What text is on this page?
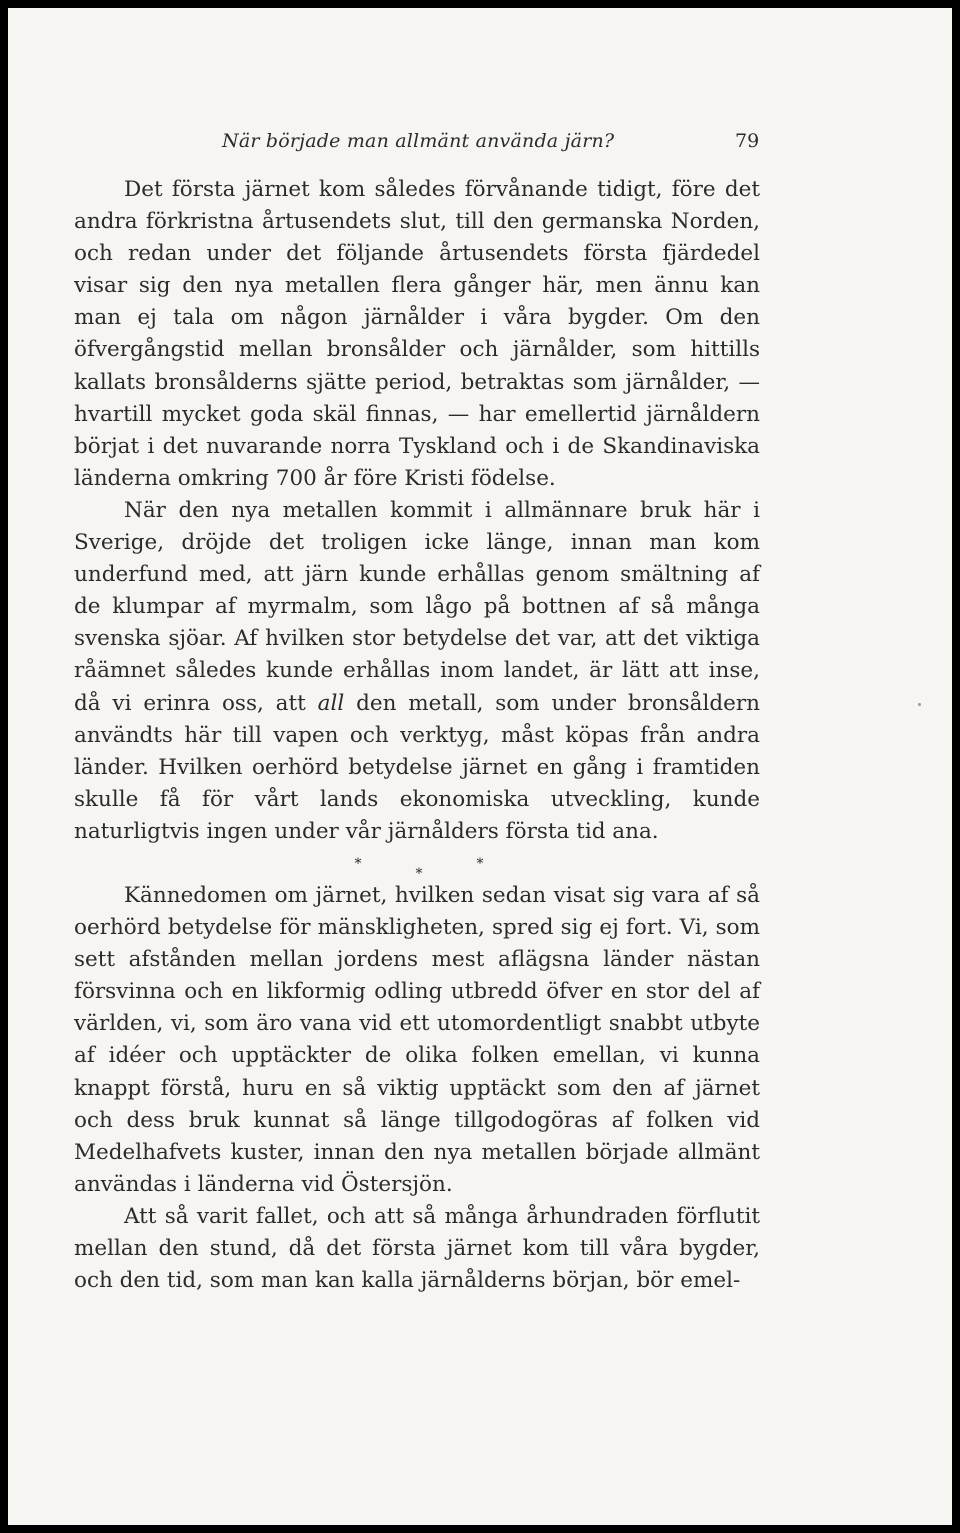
När började man allmänt använda järn?	79

Det första järnet kom således förvånande tidigt, före det andra förkristna årtusendets slut, till den germanska Norden, och redan under det följande årtusendets första fjärdedel visar sig den nya metallen flera gånger här, men ännu kan man ej tala om någon järnålder i våra bygder. Om den öfvergångstid mellan bronsålder och järnålder, som hittills kallats bronsålderns sjätte period, betraktas som järnålder, — hvartill mycket goda skäl finnas, — har emellertid järnåldern börjat i det nuvarande norra Tyskland och i de Skandinaviska länderna omkring 700 år före Kristi födelse.

När den nya metallen kommit i allmännare bruk här i Sverige, dröjde det troligen icke länge, innan man kom underfund med, att järn kunde erhållas genom smältning af de klumpar af myrmalm, som lågo på bottnen af så många svenska sjöar. Af hvilken stor betydelse det var, att det viktiga råämnet således kunde erhållas inom landet, är lätt att inse, då vi erinra oss, att all den metall, som under bronsåldern användts här till vapen och verktyg, måst köpas från andra länder. Hvilken oerhörd betydelse järnet en gång i framtiden skulle få för vårt lands ekonomiska utveckling, kunde naturligtvis ingen under vår järnålders första tid ana.

*
*
*

Kännedomen om järnet, hvilken sedan visat sig vara af så oerhörd betydelse för mänskligheten, spred sig ej fort. Vi, som sett afstånden mellan jordens mest aflägsna länder nästan försvinna och en likformig odling utbredd öfver en stor del af världen, vi, som äro vana vid ett utomordentligt snabbt utbyte af idéer och upptäckter de olika folken emellan, vi kunna knappt förstå, huru en så viktig upptäckt som den af järnet och dess bruk kunnat så länge tillgodogöras af folken vid Medelhafvets kuster, innan den nya metallen började allmänt användas i länderna vid Östersjön.

Att så varit fallet, och att så många århundraden förflutit mellan den stund, då det första järnet kom till våra bygder, och den tid, som man kan kalla järnålderns början, bör emel-
